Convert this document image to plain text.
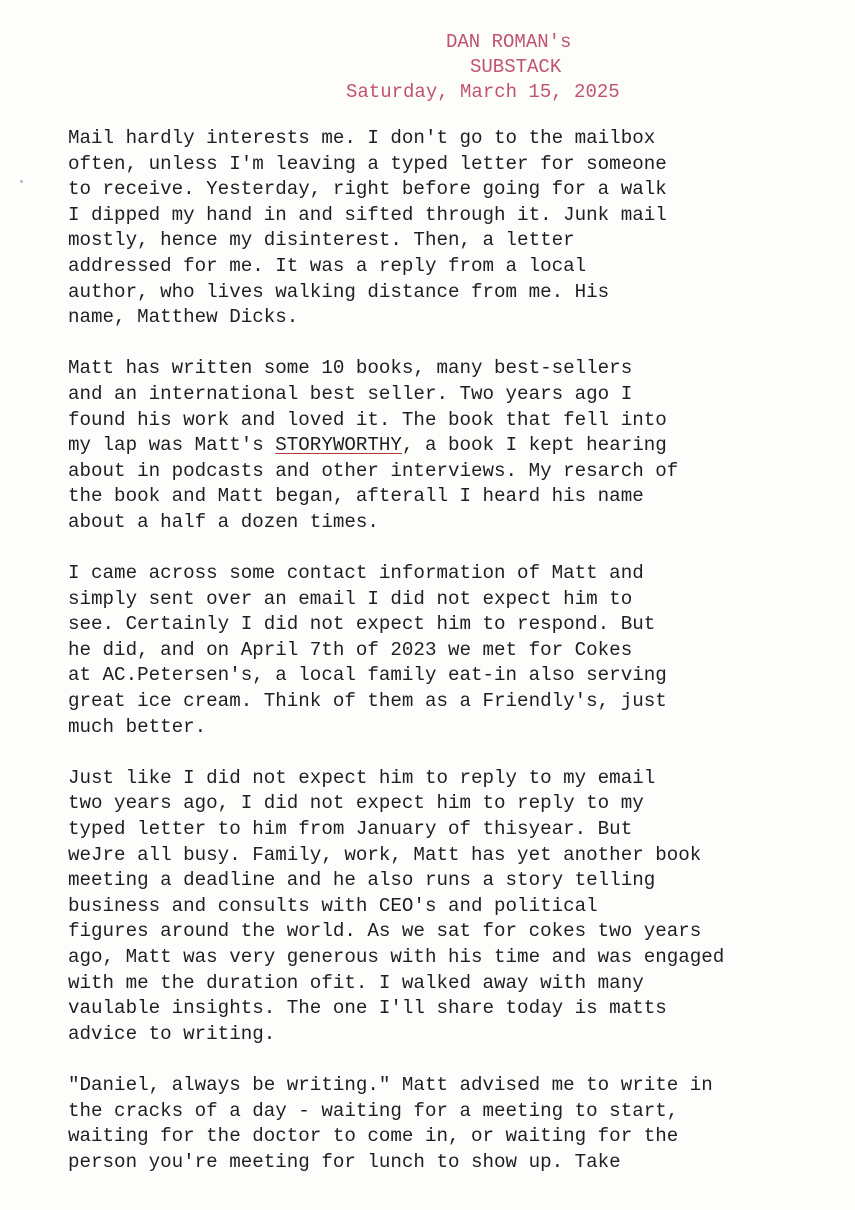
DAN ROMAN's
SUBSTACK
Saturday, March 15, 2025
Mail hardly interests me. I don't go to the mailbox
often, unless I'm leaving a typed letter for someone
to receive. Yesterday, right before going for a walk
I dipped my hand in and sifted through it. Junk mail
mostly, hence my disinterest. Then, a letter
addressed for me. It was a reply from a local
author, who lives walking distance from me. His
name, Matthew Dicks.
Matt has written some 10 books, many best-sellers
and an international best seller. Two years ago I
found his work and loved it. The book that fell into
my lap was Matt's STORYWORTHY, a book I kept hearing
about in podcasts and other interviews. My resarch of
the book and Matt began, afterall I heard his name
about a half a dozen times.
I came across some contact information of Matt and
simply sent over an email I did not expect him to
see. Certainly I did not expect him to respond. But
he did, and on April 7th of 2023 we met for Cokes
at AC.Petersen's, a local family eat-in also serving
great ice cream. Think of them as a Friendly's, just
much better.
Just like I did not expect him to reply to my email
two years ago, I did not expect him to reply to my
typed letter to him from January of thisyear. But
weJre all busy. Family, work, Matt has yet another book
meeting a deadline and he also runs a story telling
business and consults with CEO's and political
figures around the world. As we sat for cokes two years
ago, Matt was very generous with his time and was engaged
with me the duration ofit. I walked away with many
vaulable insights. The one I'll share today is matts
advice to writing.
"Daniel, always be writing." Matt advised me to write in
the cracks of a day - waiting for a meeting to start,
waiting for the doctor to come in, or waiting for the
person you're meeting for lunch to show up. Take
